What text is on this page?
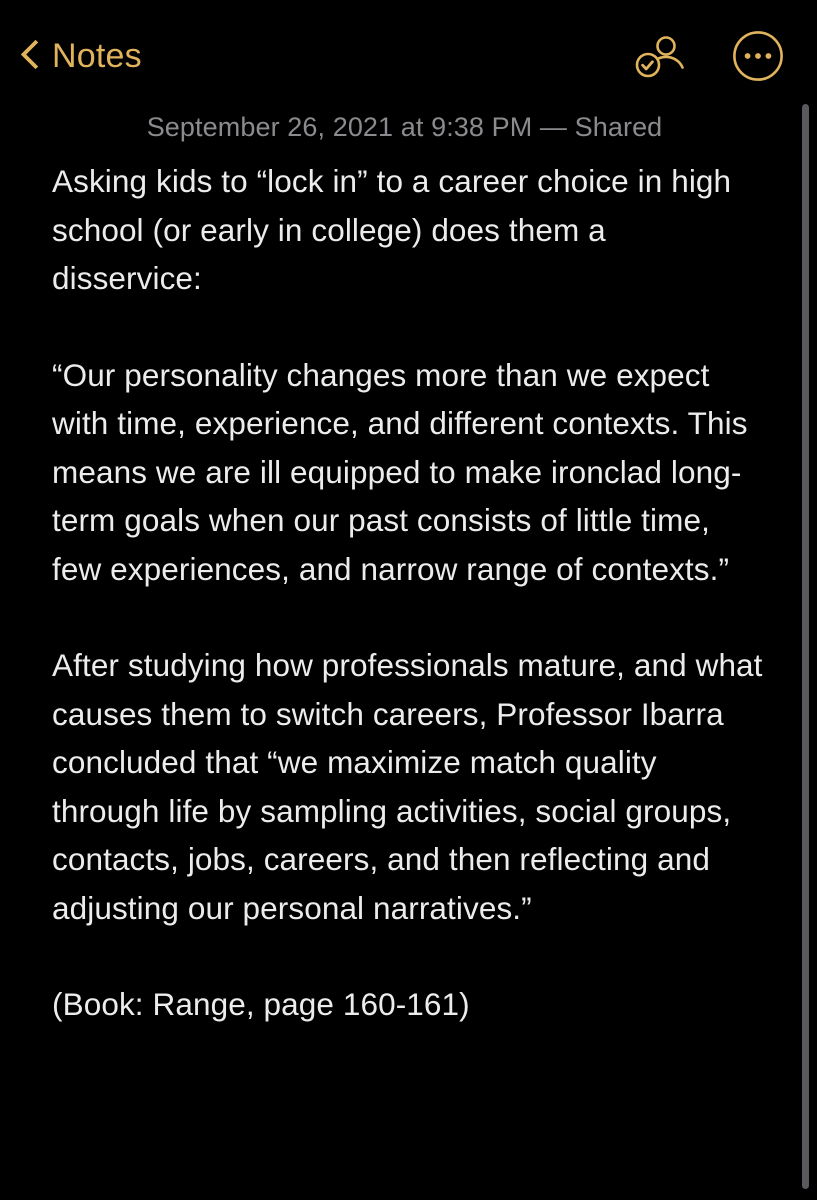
Notes
September 26, 2021 at 9:38 PM — Shared

Asking kids to “lock in” to a career choice in high school (or early in college) does them a disservice:

“Our personality changes more than we expect with time, experience, and different contexts. This means we are ill equipped to make ironclad long-term goals when our past consists of little time, few experiences, and narrow range of contexts.”

After studying how professionals mature, and what causes them to switch careers, Professor Ibarra concluded that “we maximize match quality through life by sampling activities, social groups, contacts, jobs, careers, and then reflecting and adjusting our personal narratives.”

(Book: Range, page 160-161)
